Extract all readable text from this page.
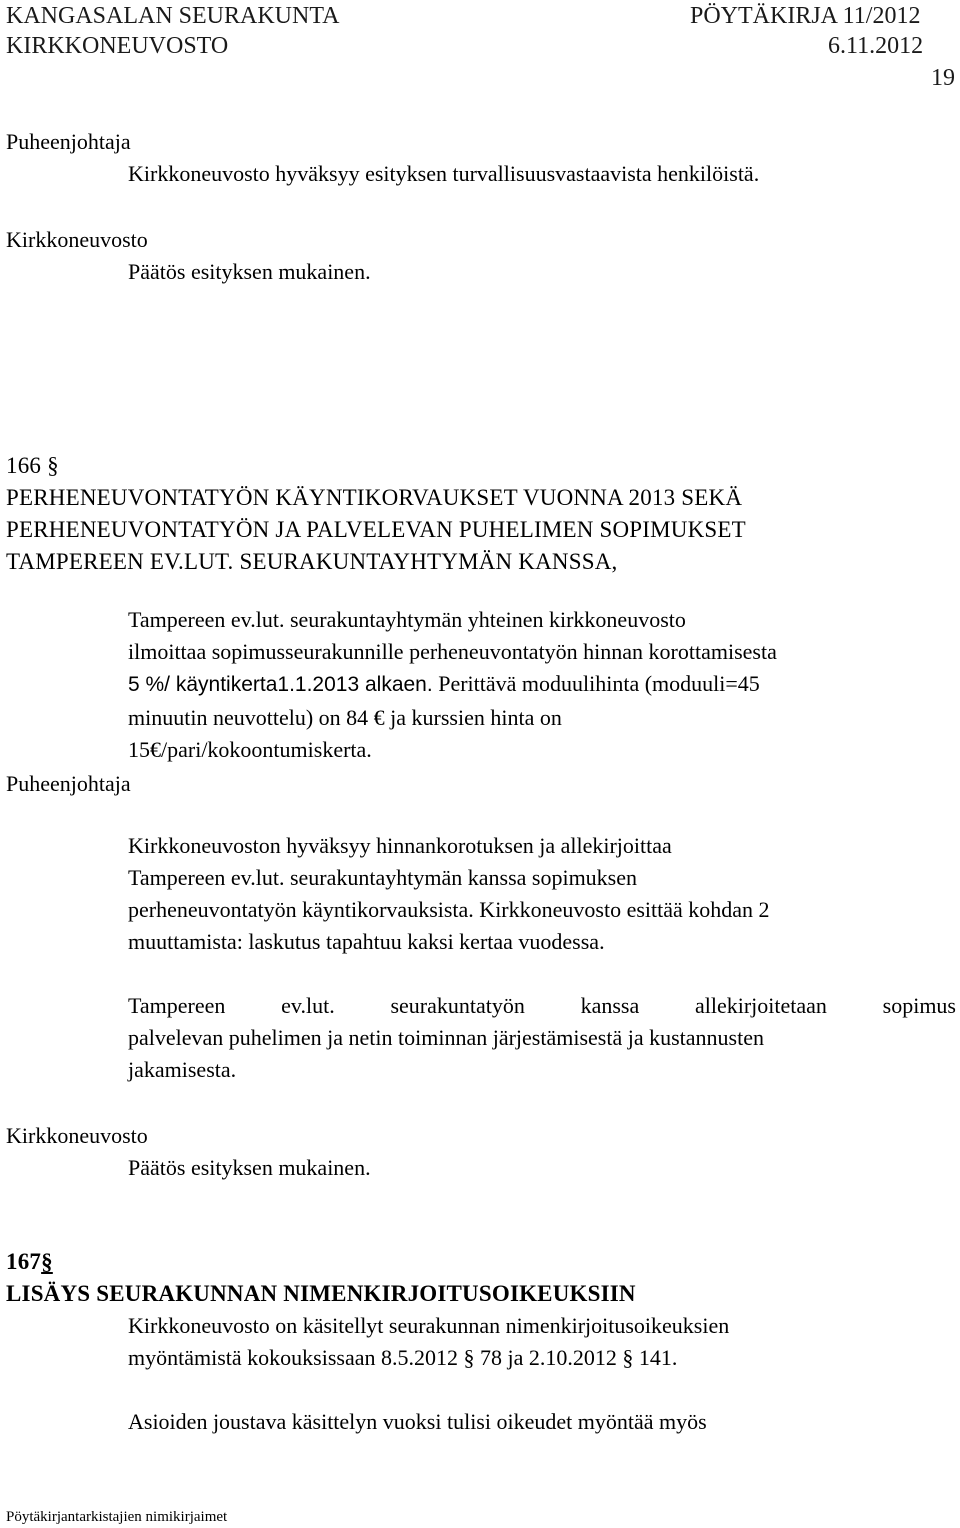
KANGASALAN SEURAKUNTA	PÖYTÄKIRJA 11/2012
KIRKKONEUVOSTO	6.11.2012
19
Puheenjohtaja
Kirkkoneuvosto hyväksyy esityksen turvallisuusvastaavista henkilöistä.
Kirkkoneuvosto
Päätös esityksen mukainen.
166 §
PERHENEUVONTATYÖN KÄYNTIKORVAUKSET VUONNA 2013 SEKÄ
PERHENEUVONTATYÖN JA PALVELEVAN PUHELIMEN SOPIMUKSET
TAMPEREEN EV.LUT. SEURAKUNTAYHTYMÄN KANSSA,
Tampereen ev.lut. seurakuntayhtymän yhteinen kirkkoneuvosto
ilmoittaa sopimusseurakunnille perheneuvontatyön hinnan korottamisesta
5 %/ käyntikerta1.1.2013 alkaen. Perittävä moduulihinta (moduuli=45
minuutin neuvottelu) on 84 € ja kurssien hinta on
15€/pari/kokoontumiskerta.
Puheenjohtaja
Kirkkoneuvoston hyväksyy hinnankorotuksen ja allekirjoittaa
Tampereen ev.lut. seurakuntayhtymän kanssa sopimuksen
perheneuvontatyön käyntikorvauksista. Kirkkoneuvosto esittää kohdan 2
muuttamista: laskutus tapahtuu kaksi kertaa vuodessa.
Tampereen	ev.lut.	seurakuntatyön	kanssa	allekirjoitetaan	sopimus
palvelevan puhelimen ja netin toiminnan järjestämisestä ja kustannusten
jakamisesta.
Kirkkoneuvosto
Päätös esityksen mukainen.
167§
LISÄYS SEURAKUNNAN NIMENKIRJOITUSOIKEUKSIIN
Kirkkoneuvosto on käsitellyt seurakunnan nimenkirjoitusoikeuksien
myöntämistä kokouksissaan 8.5.2012 § 78 ja 2.10.2012 § 141.
Asioiden joustava käsittelyn vuoksi tulisi oikeudet myöntää myös
Pöytäkirjantarkistajien nimikirjaimet
